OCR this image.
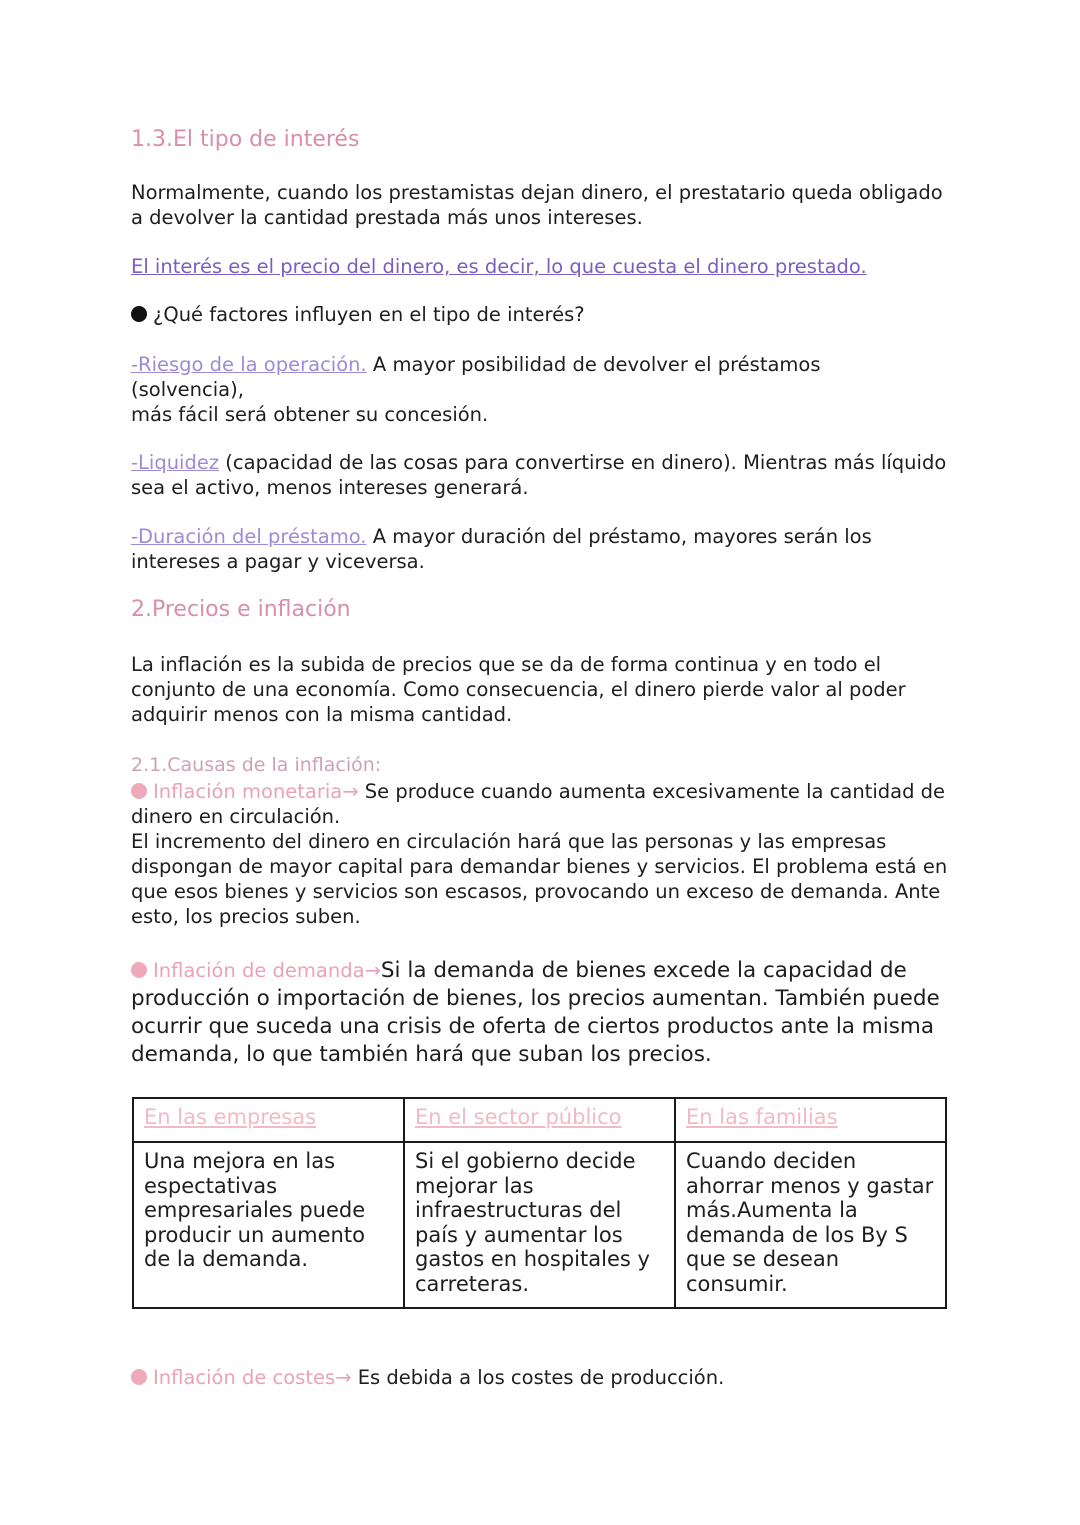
1.3.El tipo de interés

Normalmente, cuando los prestamistas dejan dinero, el prestatario queda obligado a devolver la cantidad prestada más unos intereses.

El interés es el precio del dinero, es decir, lo que cuesta el dinero prestado.

¿Qué factores influyen en el tipo de interés?

-Riesgo de la operación. A mayor posibilidad de devolver el préstamos
(solvencia),
más fácil será obtener su concesión.

-Liquidez (capacidad de las cosas para convertirse en dinero). Mientras más líquido sea el activo, menos intereses generará.

-Duración del préstamo. A mayor duración del préstamo, mayores serán los intereses a pagar y viceversa.

2.Precios e inflación

La inflación es la subida de precios que se da de forma continua y en todo el conjunto de una economía. Como consecuencia, el dinero pierde valor al poder adquirir menos con la misma cantidad.

2.1.Causas de la inflación:

Inflación monetaria→ Se produce cuando aumenta excesivamente la cantidad de dinero en circulación.
El incremento del dinero en circulación hará que las personas y las empresas dispongan de mayor capital para demandar bienes y servicios. El problema está en que esos bienes y servicios son escasos, provocando un exceso de demanda. Ante esto, los precios suben.

Inflación de demanda→Si la demanda de bienes excede la capacidad de producción o importación de bienes, los precios aumentan. También puede ocurrir que suceda una crisis de oferta de ciertos productos ante la misma demanda, lo que también hará que suban los precios.

En las empresas	En el sector público	En las familias
Una mejora en las espectativas empresariales puede producir un aumento de la demanda.	Si el gobierno decide mejorar las infraestructuras del país y aumentar los gastos en hospitales y carreteras.	Cuando deciden ahorrar menos y gastar más.Aumenta la demanda de los By S que se desean consumir.

Inflación de costes→ Es debida a los costes de producción.
